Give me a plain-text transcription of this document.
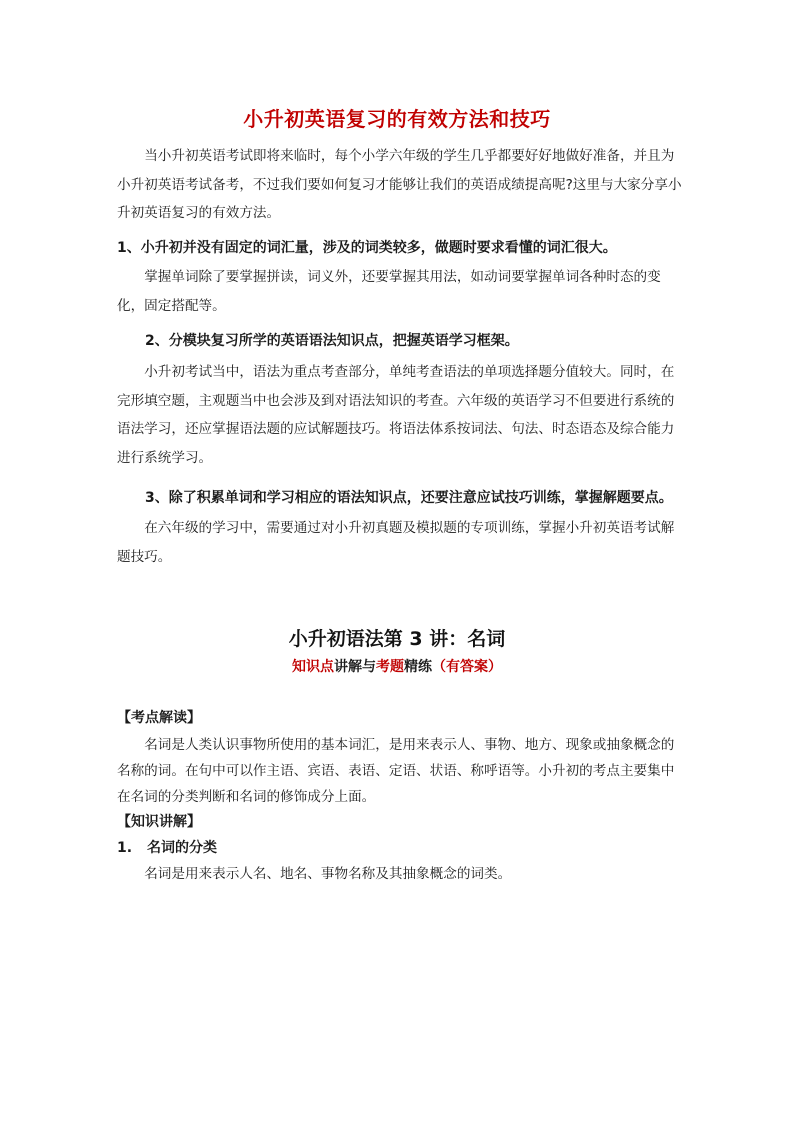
小升初英语复习的有效方法和技巧

当小升初英语考试即将来临时，每个小学六年级的学生几乎都要好好地做好准备，并且为小升初英语考试备考，不过我们要如何复习才能够让我们的英语成绩提高呢?这里与大家分享小升初英语复习的有效方法。

1、小升初并没有固定的词汇量，涉及的词类较多，做题时要求看懂的词汇很大。

掌握单词除了要掌握拼读，词义外，还要掌握其用法，如动词要掌握单词各种时态的变化，固定搭配等。

2、分模块复习所学的英语语法知识点，把握英语学习框架。

小升初考试当中，语法为重点考查部分，单纯考查语法的单项选择题分值较大。同时，在完形填空题，主观题当中也会涉及到对语法知识的考查。六年级的英语学习不但要进行系统的语法学习，还应掌握语法题的应试解题技巧。将语法体系按词法、句法、时态语态及综合能力进行系统学习。

3、除了积累单词和学习相应的语法知识点，还要注意应试技巧训练，掌握解题要点。

在六年级的学习中，需要通过对小升初真题及模拟题的专项训练，掌握小升初英语考试解题技巧。

小升初语法第 3 讲：名词
知识点讲解与考题精练（有答案）

【考点解读】

名词是人类认识事物所使用的基本词汇，是用来表示人、事物、地方、现象或抽象概念的名称的词。在句中可以作主语、宾语、表语、定语、状语、称呼语等。小升初的考点主要集中在名词的分类判断和名词的修饰成分上面。

【知识讲解】

1. 名词的分类

名词是用来表示人名、地名、事物名称及其抽象概念的词类。
